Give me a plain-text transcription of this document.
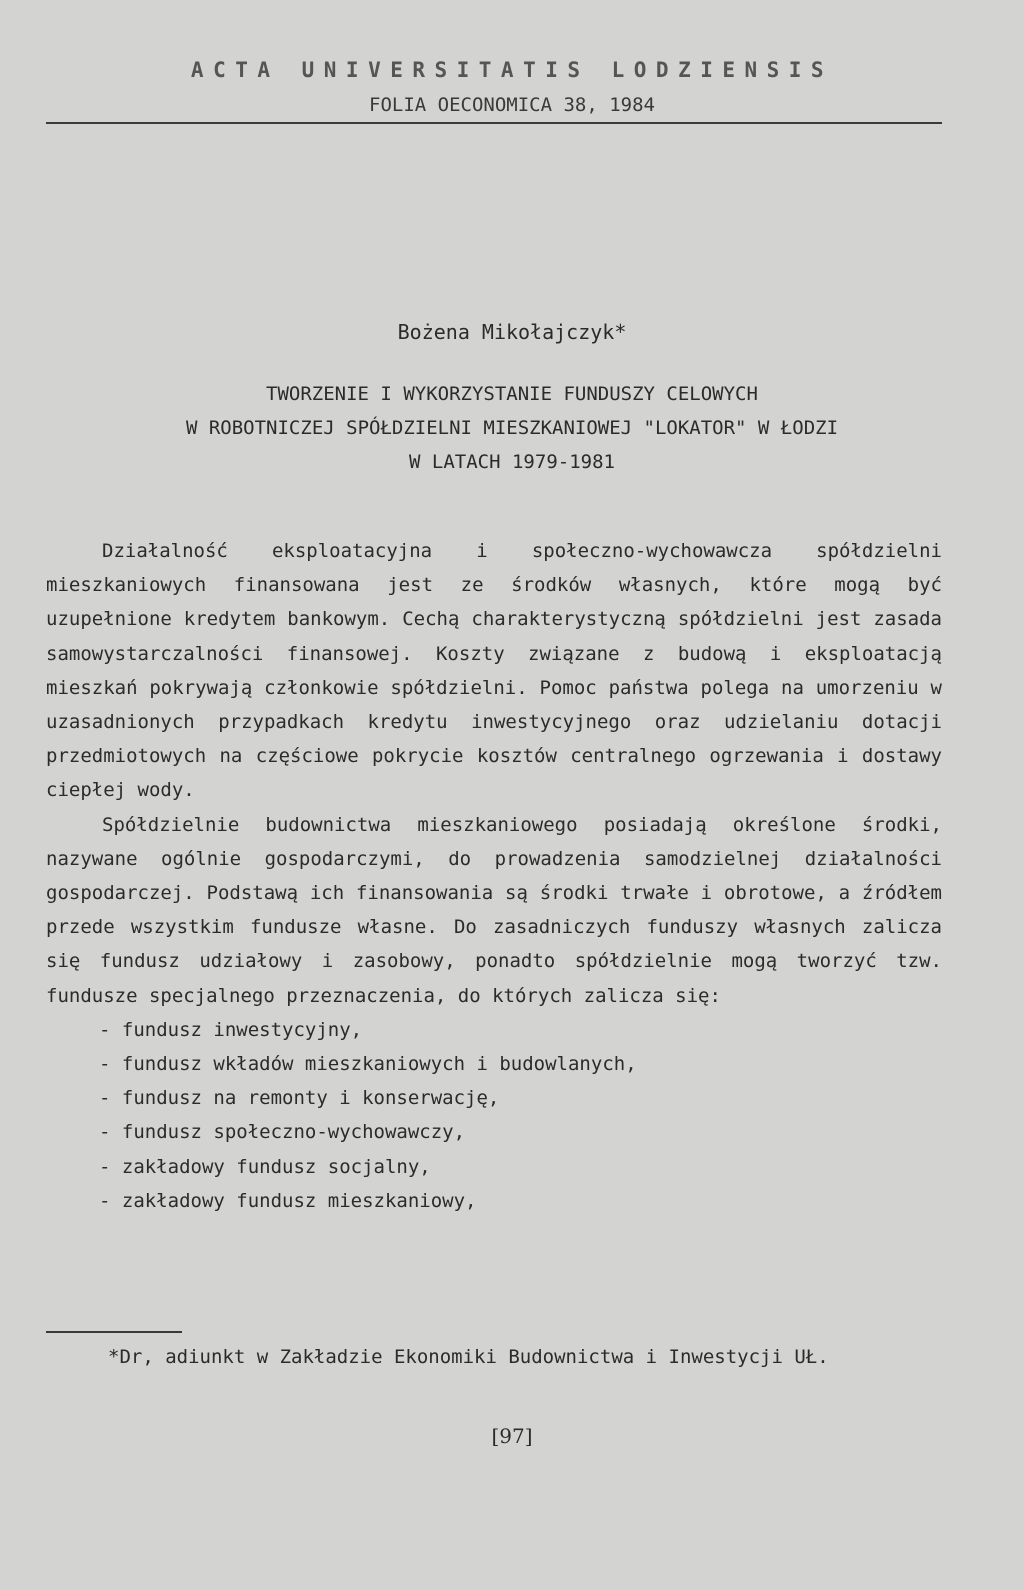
ACTA UNIVERSITATIS LODZIENSIS
FOLIA OECONOMICA 38, 1984
Bożena Mikołajczyk*
TWORZENIE I WYKORZYSTANIE FUNDUSZY CELOWYCH
W ROBOTNICZEJ SPÓŁDZIELNI MIESZKANIOWEJ "LOKATOR" W ŁODZI
W LATACH 1979-1981

Działalność eksploatacyjna i społeczno-wychowawcza spółdzielni mieszkaniowych finansowana jest ze środków własnych, które mogą być uzupełnione kredytem bankowym. Cechą charakterystyczną spółdzielni jest zasada samowystarczalności finansowej. Koszty związane z budową i eksploatacją mieszkań pokrywają członkowie spółdzielni. Pomoc państwa polega na umorzeniu w uzasadnionych przypadkach kredytu inwestycyjnego oraz udzielaniu dotacji przedmiotowych na częściowe pokrycie kosztów centralnego ogrzewania i dostawy ciepłej wody.

Spółdzielnie budownictwa mieszkaniowego posiadają określone środki, nazywane ogólnie gospodarczymi, do prowadzenia samodzielnej działalności gospodarczej. Podstawą ich finansowania są środki trwałe i obrotowe, a źródłem przede wszystkim fundusze własne. Do zasadniczych funduszy własnych zalicza się fundusz udziałowy i zasobowy, ponadto spółdzielnie mogą tworzyć tzw. fundusze specjalnego przeznaczenia, do których zalicza się:

- fundusz inwestycyjny,
- fundusz wkładów mieszkaniowych i budowlanych,
- fundusz na remonty i konserwację,
- fundusz społeczno-wychowawczy,
- zakładowy fundusz socjalny,
- zakładowy fundusz mieszkaniowy,

*Dr, adiunkt w Zakładzie Ekonomiki Budownictwa i Inwestycji UŁ.

[97]
